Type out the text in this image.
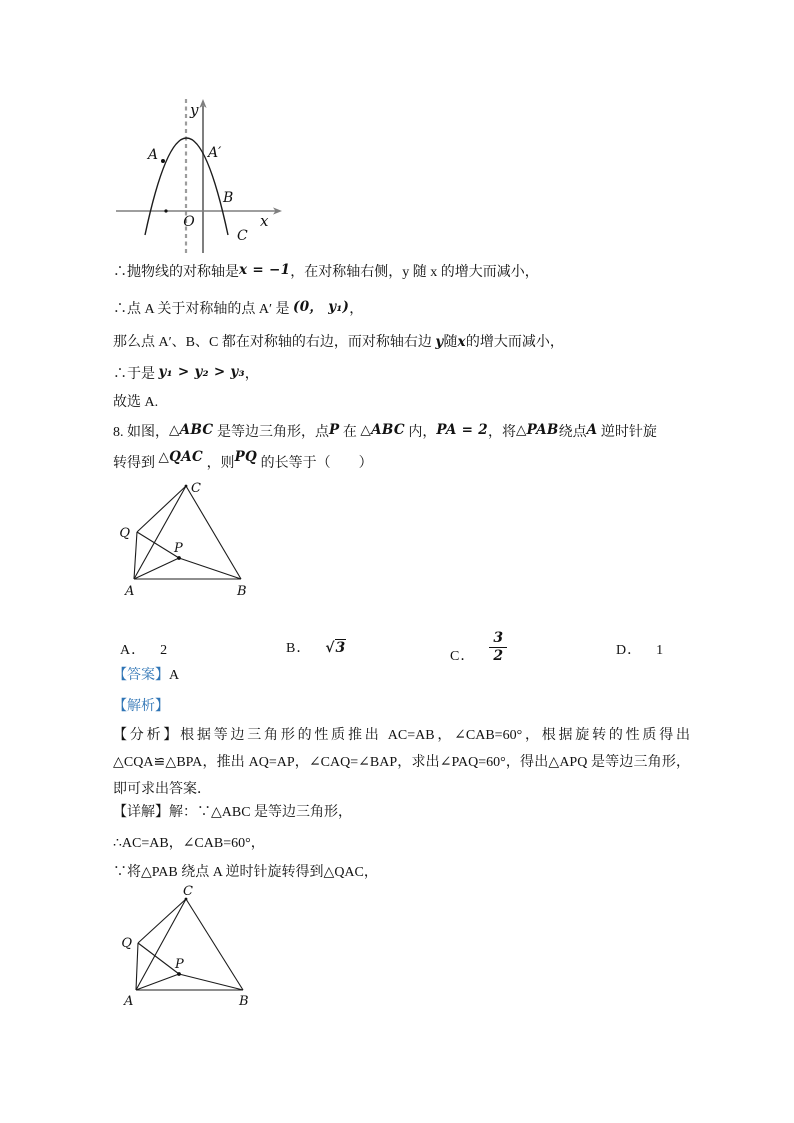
y
x
O
A	A′
B
C
∴抛物线的对称轴是x = −1，在对称轴右侧，y 随 x 的增大而减小，
∴点 A 关于对称轴的点 A′ 是 (0， y₁)，
那么点 A′、B、C 都在对称轴的右边，而对称轴右边 y随x的增大而减小，
∴于是 y₁ > y₂ > y₃，
故选 A.
8. 如图，△ABC 是等边三角形，点P 在 △ABC 内，PA = 2，将△PAB绕点A 逆时针旋
转得到 △QAC ，则PQ 的长等于（　　）
C
Q
P
A	B
A． 2	B． √3
C． $\frac{3}{2}$	D． 1
【答案】A
【解析】
【分析】根据等边三角形的性质推出 AC=AB，∠CAB=60°，根据旋转的性质得出△CQA≌△BPA，推出 AQ=AP，∠CAQ=∠BAP，求出∠PAQ=60°，得出△APQ 是等边三角形，即可求出答案．
【详解】解：∵△ABC 是等边三角形，
∴AC=AB，∠CAB=60°，
∵将△PAB 绕点 A 逆时针旋转得到△QAC，
C
Q
P
A	B
